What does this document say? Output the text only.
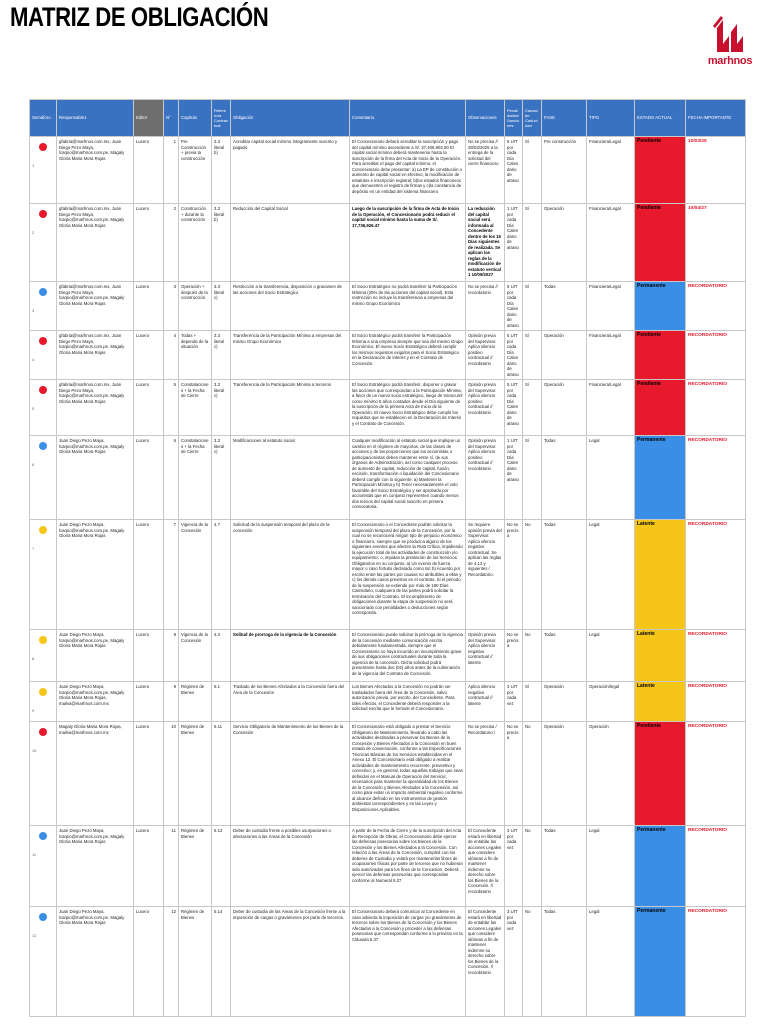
MATRIZ DE OBLIGACIÓN
marhnos
Semáforo	Responsable1	Editor	N°	Capítulo	Referencia Contractual	Obligación	Comentario	Observaciones	Penalidades/Sanciones	Causal de Caducidad	FASE	TIPO	ESTADO ACTUAL	FECHA IMPORTANTE

1	gfabria@marhnos.com.mx, Juan Diego Pezo Maya, lcarpio@marhnos.com.pe, Magaly Gloria Maria Mora Rojas	Lucero	1	Pre Construcción + previa la construcción	3.3 literal b)	Acreditar capital social mínimo íntegramente suscrito y pagado	El Concesionario deberá acreditar la suscripción y pago del capital mínimo ascendente a S/. 37,406,904.00 El capital social mínimo deberá mantenerse hasta la suscripción de la firma del Acta de Inicio de la Operación. Para acreditar el pago del capital mínimo, el Concesionario debe presentar: a) La EP de constitución o aumento de capital social en efectivo, la modificación de estatutos e inscripción registral; b)los estados financieros que demuestren el registro de firmas y c)la constancia de depósito en un entidad del sistema financiero	No se precisa // 28/03/2025 a la entrega de la solicitud del cierre financiero	5 UIT por cada Día Calendario de atraso	Sí	Pre construcción	Financiera/Legal	Pendiente	10/03/25

2	gfabria@marhnos.com.mx, Juan Diego Pezo Maya, lcarpio@marhnos.com.pe, Magaly Gloria Maria Mora Rojas	Lucero	2	Construcción + durante la construcción	3.3 literal b)	Reducción del Capital Social	Luego de la suscripción de la firma de Acta de Inicio de la Operación, el Concesionario podrá reducir el capital social mínimo hasta la suma de S/. 17,736,926.47	La reducción del capital social será informada al Concedente dentro de los 15 Días siguientes de realizada. Se aplican las reglas de la modificación de estatuto vertical 1 10/09/2027	1 UIT por cada Día Calendario de atraso	Sí	Operación	Financiera/Legal	Pendiente	10/04/27

3	gfabria@marhnos.com.mx, Juan Diego Pezo Maya, lcarpio@marhnos.com.pe, Magaly Gloria Maria Mora Rojas	Lucero	3	Operación + después de la construcción	3.3 literal c)	Restricción a la transferencia, disposición o gravamen de las acciones del Socio Estratégico	El Socio Estratégico no podrá transferir la Participación Mínima (25% de las acciones del capital social). Esta restricción no incluye la transferencia a empresas del mismo Grupo Económico	No se precisa // recordatorio	5 UIT por cada Día Calendario de atraso	Sí	Todas	Financiera/Legal	Permanente	RECORDATORIO

4	gfabria@marhnos.com.mx, Juan Diego Pezo Maya, lcarpio@marhnos.com.pe, Magaly Gloria Maria Mora Rojas	Lucero	4	Todas + depende de la situación	3.3 literal c)	Transferencia de la Participación Mínima a empresas del mismo Grupo Económico	El Socio Estratégico podrá transferir la Participación Mínima a una empresa siempre que sea del mismo Grupo Económico. El nuevo Socio Estratégico deberá cumplir los mismos requisitos exigidos para el Socio Estratégico en la Declaración de Interés y en el Contrato de Concesión.	Opinión previa del Supervisor. Aplica silencio positivo contractual // recordatorio	5 UIT por cada Día Calendario de atraso	Sí	Operación	Financiera/Legal	Pendiente	RECORDATORIO

5	gfabria@marhnos.com.mx, Juan Diego Pezo Maya, lcarpio@marhnos.com.pe, Magaly Gloria Maria Mora Rojas	Lucero	5	Constataciones + la Fecha de Cierre	3.3 literal c)	Transferencia de la Participación Mínima a terceros	El Socio Estratégico podrá transferir, disponer o gravar las acciones que correspondan a la Participación Mínima, a favor de un nuevo socio estratégico, luego de transcurrir como mínimo 5 años contados desde el Día siguiente de la suscripción de la primera Acta de Inicio de la Operación. El nuevo Socio Estratégico debe cumplir los requisitos que se establecen en la Declaración de Interés y el Contrato de Concesión.	Opinión previa del Supervisor. Aplica silencio positivo contractual // recordatorio	5 UIT por cada Día Calendario de atraso	Sí	Operación	Financiera/Legal	Pendiente	RECORDATORIO

6	Juan Diego Pezo Maya, lcarpio@marhnos.com.pe, Magaly Gloria Maria Mora Rojas	Lucero	6	Constataciones + la Fecha de Cierre	3.3 literal c)	Modificaciones al estatuto social	Cualquier modificación al estatuto social que implique un cambio en el régimen de mayorías, de las clases de acciones y de las proporciones que los accionistas o participacionistas deben mantener entre sí, de sus órganos de Administración, así como cualquier proceso de aumento de capital, reducción de capital, fusión, escisión, transformación o liquidación del Concesionario deberá cumplir con lo siguiente: a) Mantener la Participación Mínima y b) Tener necesariamente el voto favorable del Socio Estratégico y ser aprobado por accionistas que en conjunto representen cuando menos dos tercios del capital social suscrito en primera convocatoria.	Opinión previa del Supervisor. Aplica silencio positivo contractual // recordatorio	1 UIT por cada Día Calendario de atraso	Sí	Todas	Legal	Permanente	RECORDATORIO

7	Juan Diego Pezo Maya, lcarpio@marhnos.com.pe, Magaly Gloria Maria Mora Rojas	Lucero	7	Vigencia de la Concesión	4.7	Solicitud de la suspensión temporal del plazo de la concesión	El Concesionario o el Concedente podrán solicitar la suspensión temporal del plazo de la Concesión, por la cual no se reconocerá ningún tipo de perjuicio económico o financiero, siempre que se produzca alguno de los siguientes eventos que afecten la Ruta Crítica, impidiendo la ejecución total de las actividades de construcción y/o equipamiento; o, impidan la prestación de los Servicios Obligatorios en su conjunto: a) Un evento de fuerza mayor o caso fortuito declarado como tal; b) Acuerdo por escrito entre las partes por causas no atribuibles a ellas y c) los demás casos previstos en el contrato. Si el periodo de la suspensión se extiende por más de 180 Días Calendario, cualquiera de las partes podrá solicitar la terminación del Contrato. El incumplimiento de obligaciones durante la etapa de suspensión no será sancionado con penalidades o deducciones según corresponda.	Se requiere opinión previa del Supervisor. Aplica silencio negativo contractual. Se aplican las reglas de 4.13 y siguientes / Recordatorio.	No se precisa	No	Todas	Legal	Latente	RECORDATORIO

8	Juan Diego Pezo Maya, lcarpio@marhnos.com.pe, Magaly Gloria Maria Mora Rojas	Lucero	8	Vigencia de la Concesión	4.3	Solitud de prorroga de la vigencia de la Concesión	El Concesionario puede solicitar la prórroga de la vigencia de la concesión mediante comunicación escrita debidamente fundamentada, siempre que el Concesionario no haya incurrido en incumplimiento grave de sus obligaciones contractuales durante toda la vigencia de la concesión. Dicha solicitud podrá presentarse hasta dos (02) años antes de la culminación de la vigencia del Contrato de Concesión.	Opinión previa del Supervisor. Aplica silencio negativo contractual // latente	No se precisa	No	Todas	Legal	Latente	RECORDATORIO

9	Juan Diego Pezo Maya, lcarpio@marhnos.com.pe, Magaly Gloria Maria Mora Rojas, mailva@marhnos.com.mx	Lucero	9	Régimen de Bienes	5.1	Traslado de los Bienes Afectados a la Concesión fuera del Área de la Concesión	Los Bienes Afectados a la Concesión no podrán ser trasladados fuera del Área de la Concesión, salvo autorización previa, por escrito, del Concedente. Para tales efectos, el Concedente deberá responder a la solicitud escrita que le formule el Concesionario.	Aplica silencio negativo contractual // latente	3 UIT por cada vez	Sí	Operación	Operación/legal	Latente	RECORDATORIO

10	Magaly Gloria Maria Mora Rojas, mailva@marhnos.com.mx	Lucero	10	Régimen de Bienes	5.11	Servicio Obligatorio de Mantenimiento de los Bienes de la Concesión	El Concesionario está obligado a prestar el Servicio Obligatorio de Mantenimiento, llevando a cabo las actividades destinadas a preservar los Bienes de la Concesión y Bienes Afectados a la Concesión en buen estado de conservación, conforme a las Especificaciones Técnicas Básicas de los Servicios establecidas en el Anexo 12. El Concesionario está obligado a realizar actividades de mantenimiento recurrente, preventivo y correctivo; y, en general, todas aquellas trabajos que sean definidos en el Manual de Operación del Servicio; necesarios para mantener la operatividad de los Bienes de la Concesión y Bienes Afectados a la Concesión, así como para evitar un impacto ambiental negativo conforme al alcance definido en los instrumentos de gestión ambiental correspondientes y en las Leyes y Disposiciones Aplicables.	No se precisa / Recordatorio /	No se precisa	No	Operación	Operación	Pendiente	RECORDATORIO

11	Juan Diego Pezo Maya, lcarpio@marhnos.com.pe, Magaly Gloria Maria Mora Rojas	Lucero	11	Régimen de Bienes	5.13	Deber de custodia frente a posibles usurpaciones o afectaciones a las Áreas de la Concesión	A partir de la Fecha de Cierre y de la suscripción del Acta de Recepción de Obras, el Concesionario debe ejercer las defensas posesorias sobre los Bienes de la Concesión y los Bienes Afectados a la Concesión. Con relación a las Áreas de la Concesión, cumplirá con los deberes de Custodia y velará por mantenerlas libres de ocupaciones físicas por parte de terceros que no hubieran sido autorizados para los fines de la Concesión. Deberá ejercer las defensas posesorias que correspondan conforme al Numeral 5.37	El Concedente estará en libertad de entablar las acciones Legales que considere idóneas a fin de mantener indemne su derecho sobre los Bienes de la Concesión. // recordatorio	3 UIT por cada vez	No	Todas	Legal	Permanente	RECORDATORIO

12	Juan Diego Pezo Maya, lcarpio@marhnos.com.pe, Magaly Gloria Maria Mora Rojas	Lucero	12	Régimen de Bienes	5.14	Deber de custodia de las Áreas de la Concesión frente a la imposición de cargas o gravámenes por parte de terceros.	El Concesionario deberá comunicar al Concedente en caso advierta la imposición de cargas y/o gravámenes de terceros sobre los Bienes de la Concesión y los Bienes Afectados a la Concesión y proceder a las defensas posesorias que correspondan conforme a lo previsto en la Cláusula 5.37	El Concedente estará en libertad de entablar las acciones Legales que considere idóneas a fin de mantener indemne su derecho sobre los Bienes de la Concesión. // recordatorio	3 UIT por cada vez	No	Todas	Legal	Permanente	RECORDATORIO
